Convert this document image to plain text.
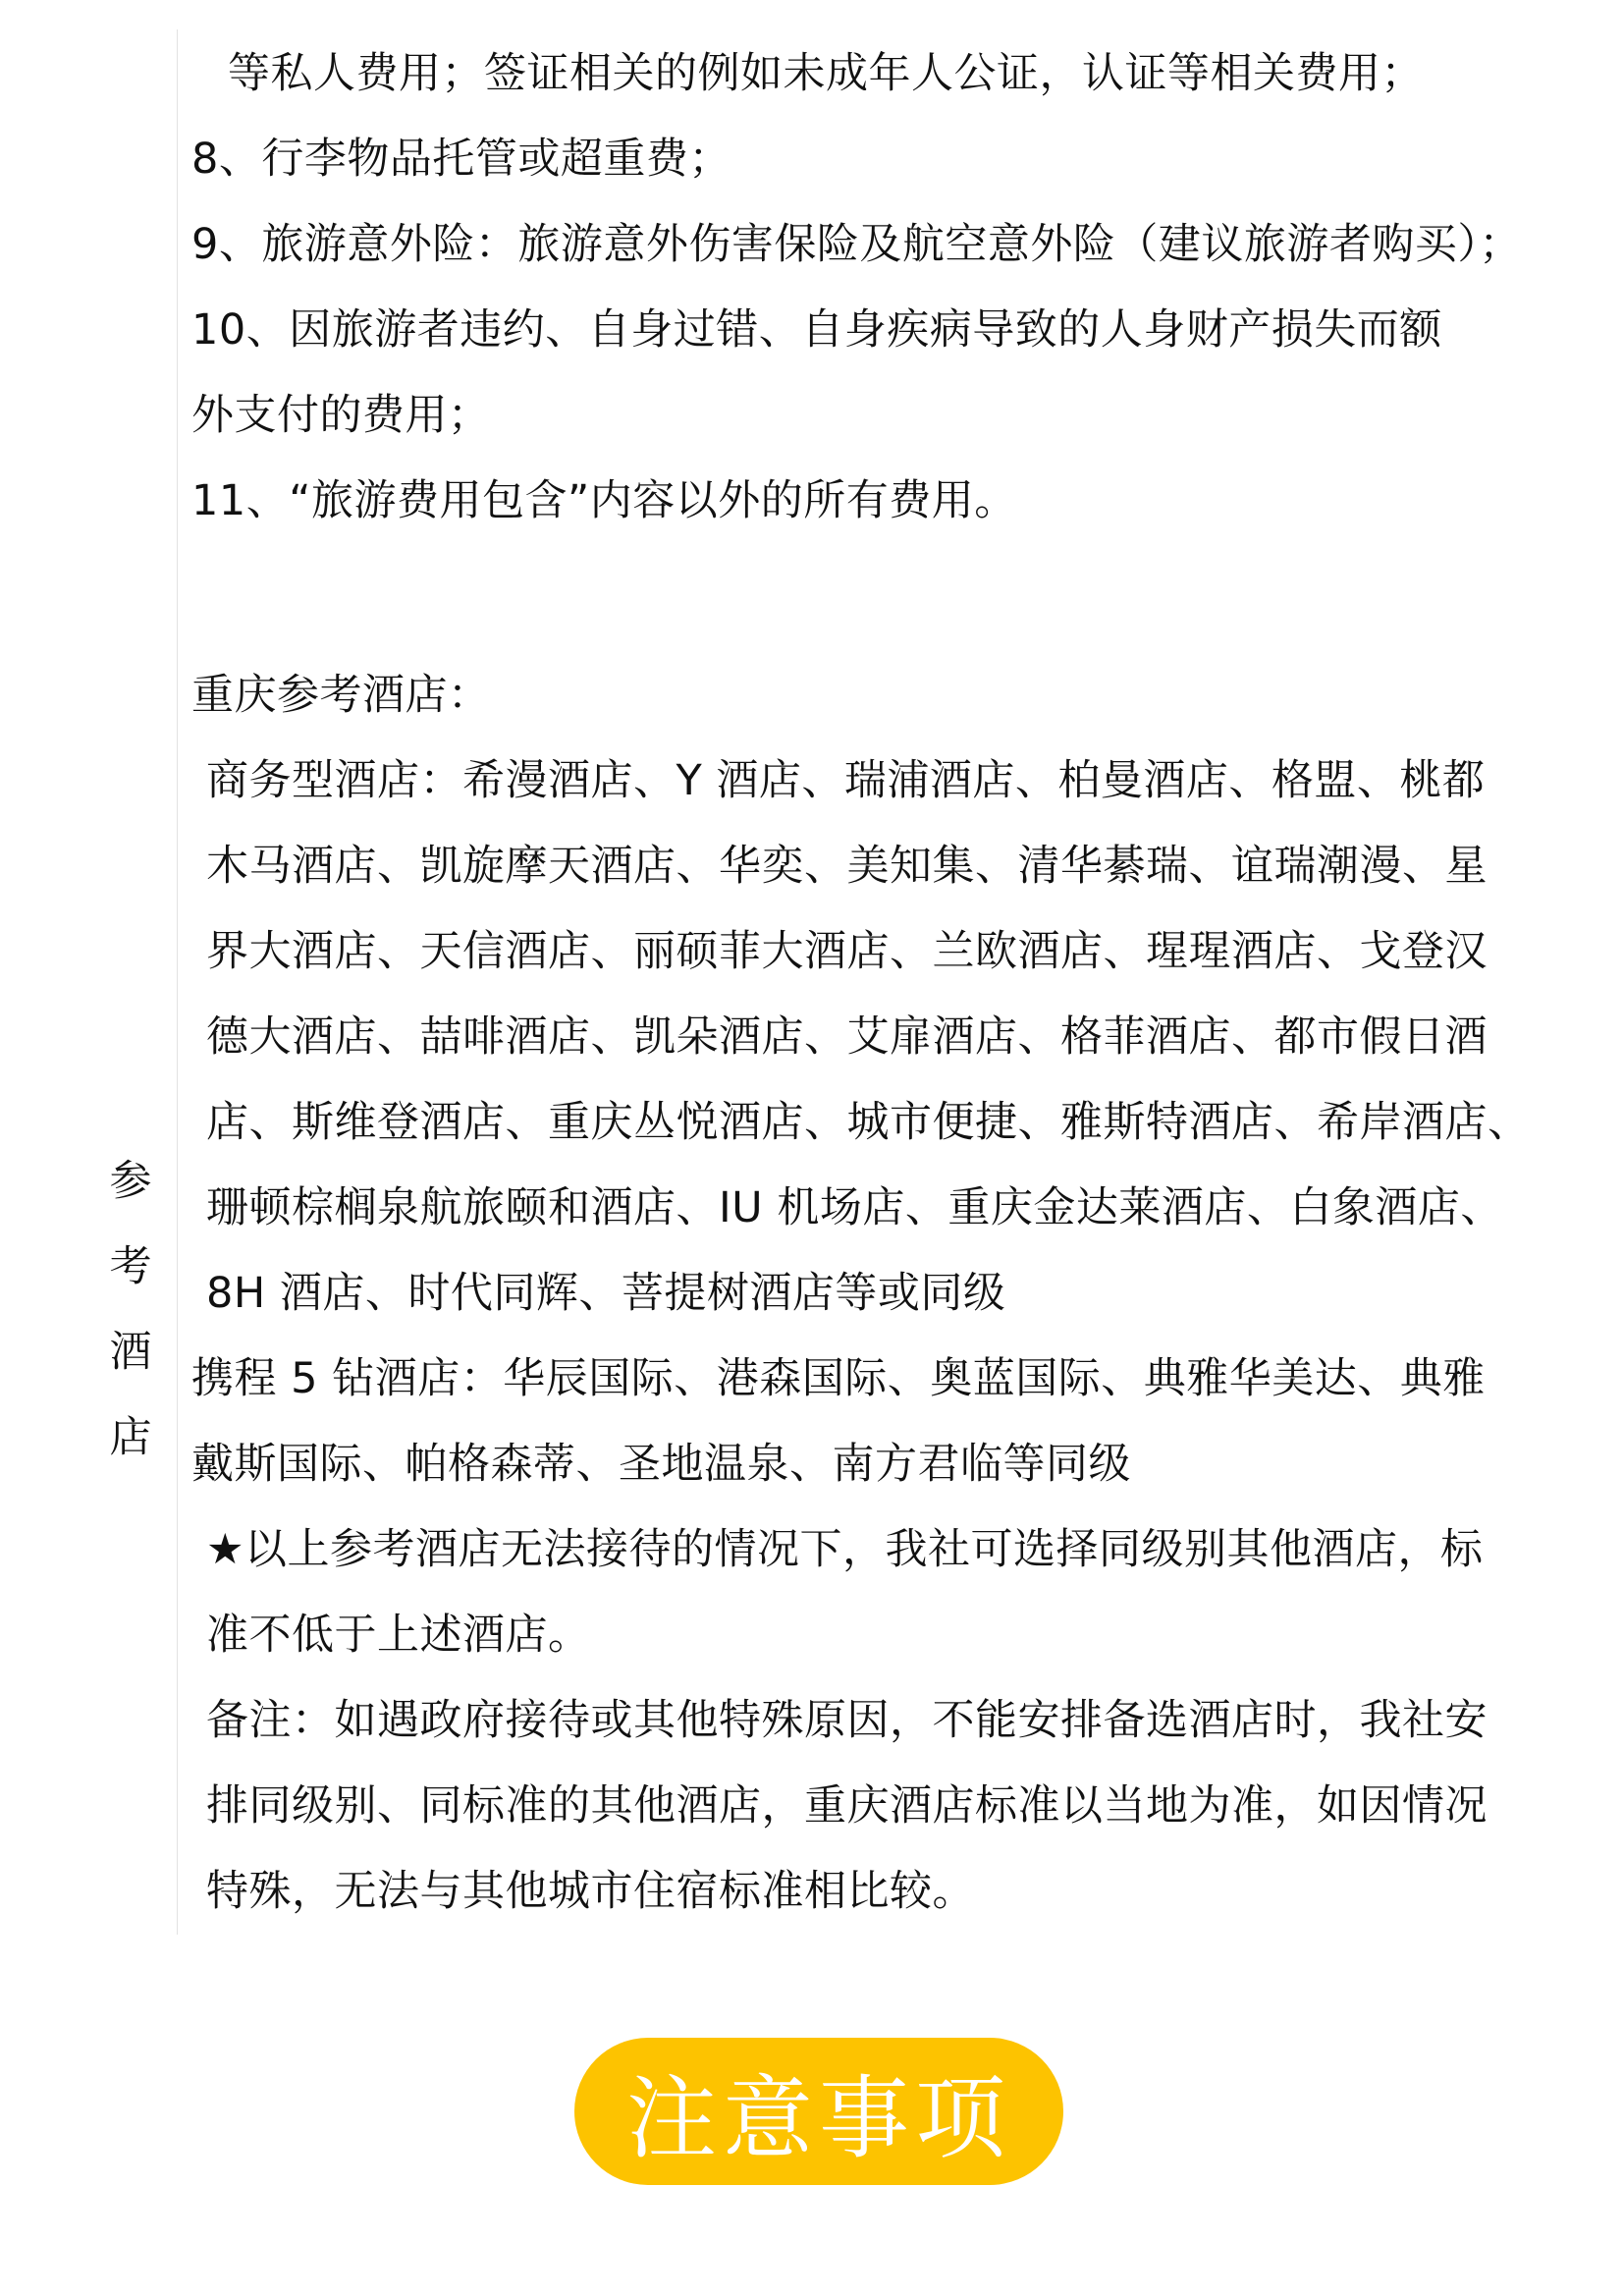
等私人费用；签证相关的例如未成年人公证，认证等相关费用；
8、行李物品托管或超重费；
9、旅游意外险：旅游意外伤害保险及航空意外险（建议旅游者购买）；
10、因旅游者违约、自身过错、自身疾病导致的人身财产损失而额
外支付的费用；
11、“旅游费用包含”内容以外的所有费用。
参
考
酒
店
重庆参考酒店：
商务型酒店：希漫酒店、Y 酒店、瑞浦酒店、柏曼酒店、格盟、桃都
木马酒店、凯旋摩天酒店、华奕、美知集、清华綦瑞、谊瑞潮漫、星
界大酒店、天信酒店、丽硕菲大酒店、兰欧酒店、瑆瑆酒店、戈登汉
德大酒店、喆啡酒店、凯朵酒店、艾扉酒店、格菲酒店、都市假日酒
店、斯维登酒店、重庆丛悦酒店、城市便捷、雅斯特酒店、希岸酒店、
珊顿棕榈泉航旅颐和酒店、IU 机场店、重庆金达莱酒店、白象酒店、
8H 酒店、时代同辉、菩提树酒店等或同级
携程 5 钻酒店：华辰国际、港森国际、奥蓝国际、典雅华美达、典雅
戴斯国际、帕格森蒂、圣地温泉、南方君临等同级
★以上参考酒店无法接待的情况下，我社可选择同级别其他酒店，标
准不低于上述酒店。
备注：如遇政府接待或其他特殊原因，不能安排备选酒店时，我社安
排同级别、同标准的其他酒店，重庆酒店标准以当地为准，如因情况
特殊，无法与其他城市住宿标准相比较。
注意事项
